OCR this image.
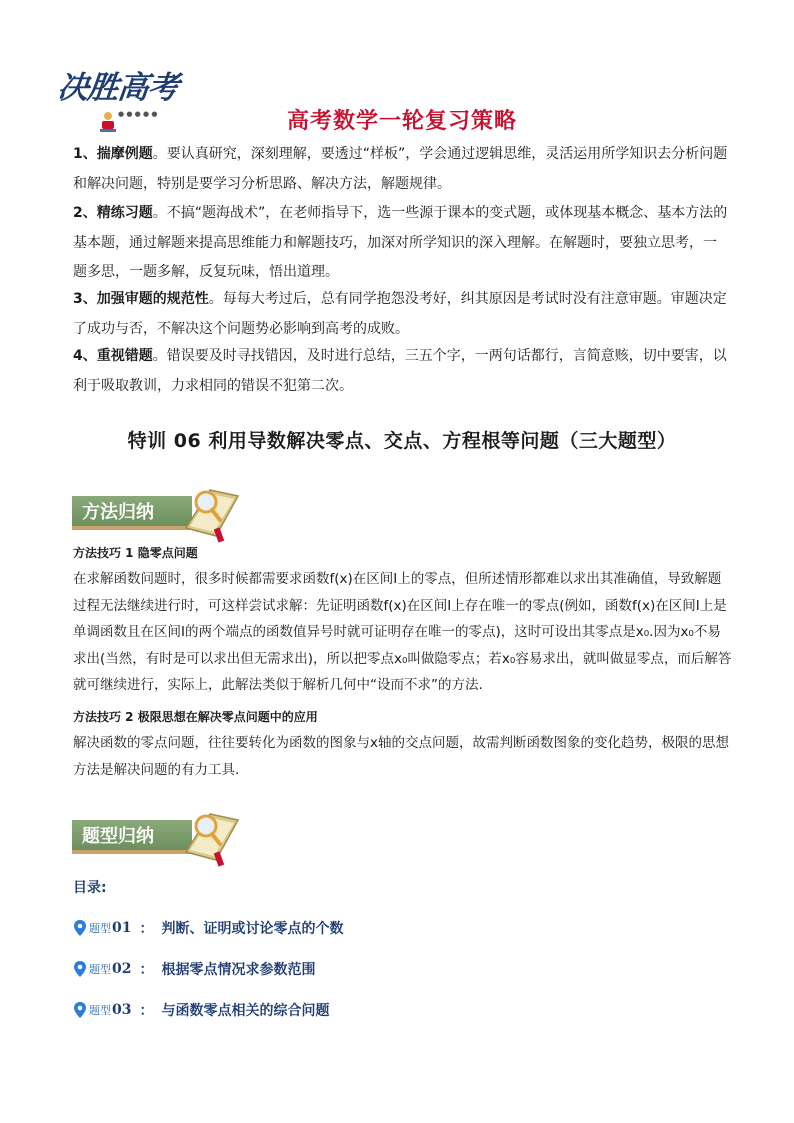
决胜高考
● ● ● ● ●	高考数学一轮复习策略
1、揣摩例题。要认真研究，深刻理解，要透过“样板”，学会通过逻辑思维，灵活运用所学知识去分析问题和解决问题，特别是要学习分析思路、解决方法，解题规律。
2、精练习题。不搞“题海战术”，在老师指导下，选一些源于课本的变式题，或体现基本概念、基本方法的基本题，通过解题来提高思维能力和解题技巧，加深对所学知识的深入理解。在解题时，要独立思考，一题多思，一题多解，反复玩味，悟出道理。
3、加强审题的规范性。每每大考过后，总有同学抱怨没考好，纠其原因是考试时没有注意审题。审题决定了成功与否，不解决这个问题势必影响到高考的成败。
4、重视错题。错误要及时寻找错因，及时进行总结，三五个字，一两句话都行，言简意赅，切中要害，以利于吸取教训，力求相同的错误不犯第二次。
特训 06 利用导数解决零点、交点、方程根等问题（三大题型）
方法归纳
方法技巧 1 隐零点问题
在求解函数问题时，很多时候都需要求函数f(x)在区间I上的零点，但所述情形都难以求出其准确值，导致解题过程无法继续进行时，可这样尝试求解：先证明函数f(x)在区间I上存在唯一的零点(例如，函数f(x)在区间I上是单调函数且在区间I的两个端点的函数值异号时就可证明存在唯一的零点)，这时可设出其零点是x₀.因为x₀不易求出(当然，有时是可以求出但无需求出)，所以把零点x₀叫做隐零点；若x₀容易求出，就叫做显零点，而后解答就可继续进行，实际上，此解法类似于解析几何中“设而不求”的方法.
方法技巧 2 极限思想在解决零点问题中的应用
解决函数的零点问题，往往要转化为函数的图象与x轴的交点问题，故需判断函数图象的变化趋势，极限的思想方法是解决问题的有力工具.
题型归纳
目录:
题型 01 ： 判断、证明或讨论零点的个数
题型 02 ： 根据零点情况求参数范围
题型 03 ： 与函数零点相关的综合问题
